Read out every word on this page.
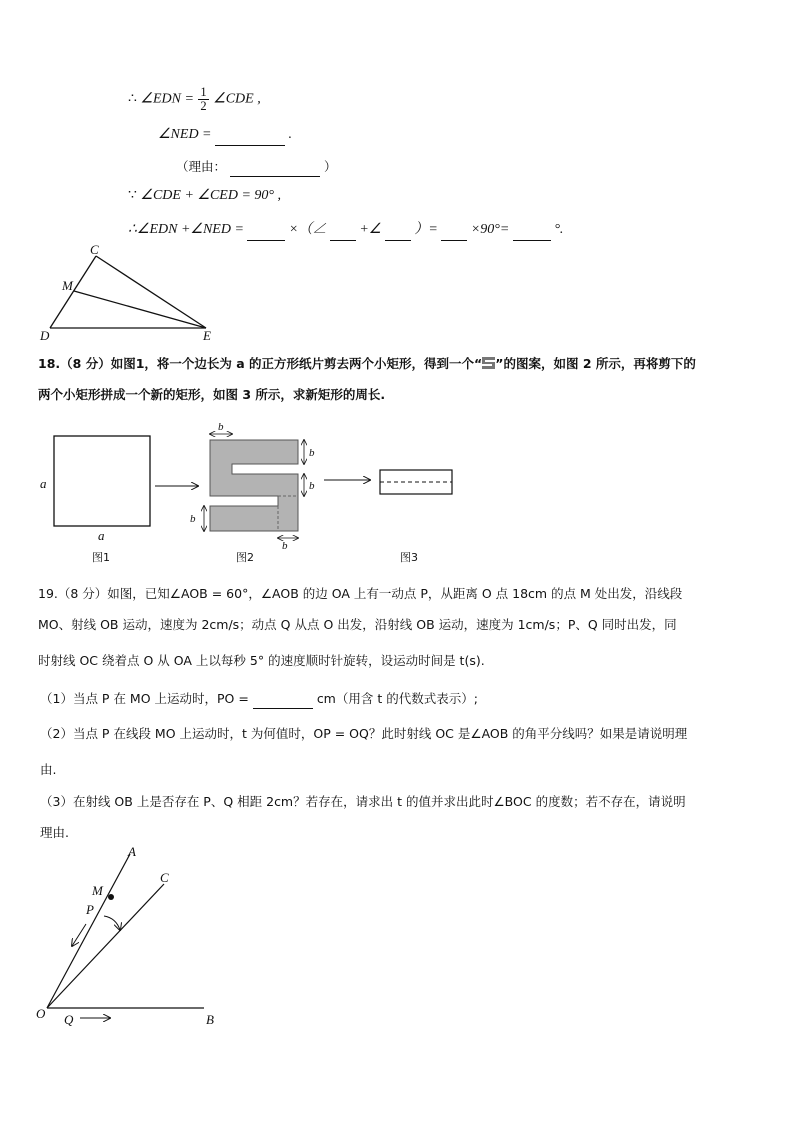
∴ ∠EDN = $\frac{1}{2}$ ∠CDE ,
∠NED =	.
（理由：	）
∵ ∠CDE + ∠CED = 90° ,
∴∠EDN +∠NED =	×（∠ +∠ ）= ×90°=	°.
C
M
D	E
18.（8 分）如图1，将一个边长为 a 的正方形纸片剪去两个小矩形，得到一个“ ”的图案，如图 2 所示，再将剪下的
两个小矩形拼成一个新的矩形，如图 3 所示，求新矩形的周长.
a
a
图1
b
b
b
b
b
图2	图3
19.（8 分）如图，已知∠AOB = 60°，∠AOB 的边 OA 上有一动点 P，从距离 O 点 18cm 的点 M 处出发，沿线段
MO、射线 OB 运动，速度为 2cm/s；动点 Q 从点 O 出发，沿射线 OB 运动，速度为 1cm/s；P、Q 同时出发，同
时射线 OC 绕着点 O 从 OA 上以每秒 5° 的速度顺时针旋转，设运动时间是 t(s).
（1）当点 P 在 MO 上运动时，PO =	cm（用含 t 的代数式表示）;
（2）当点 P 在线段 MO 上运动时，t 为何值时，OP = OQ？此时射线 OC 是∠AOB 的角平分线吗？如果是请说明理
由.
（3）在射线 OB 上是否存在 P、Q 相距 2cm？若存在，请求出 t 的值并求出此时∠BOC 的度数；若不存在，请说明
理由.
A
C
M
P
O Q	B
